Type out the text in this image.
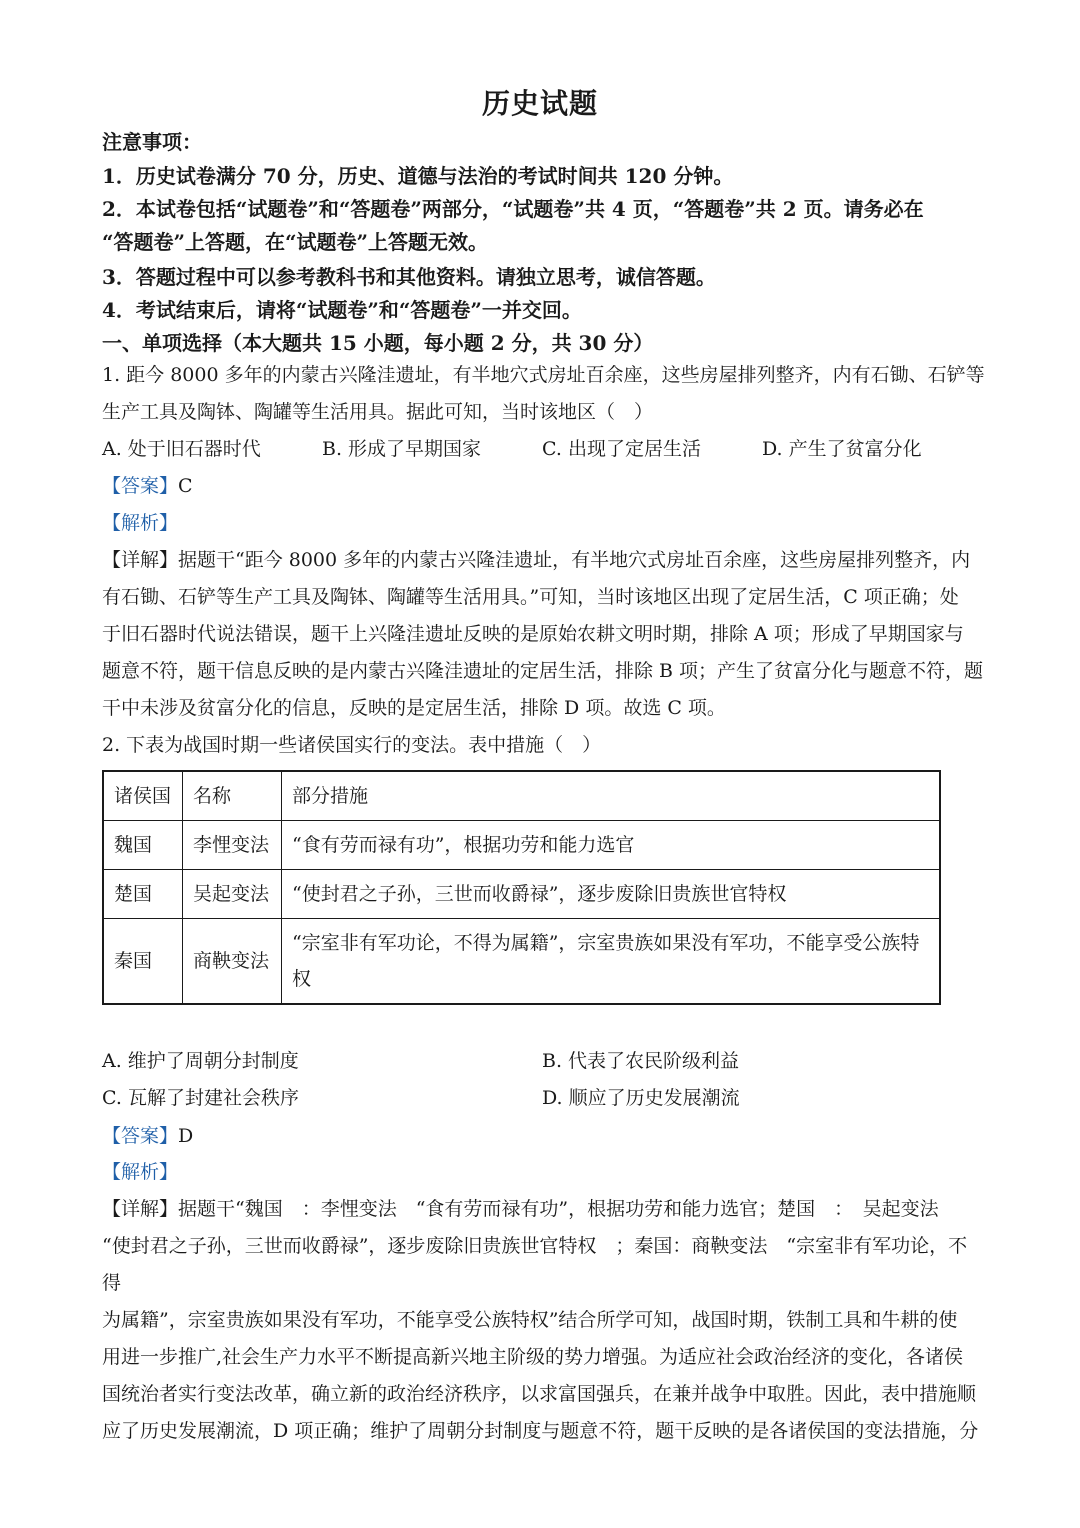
历史试题
注意事项：
1．历史试卷满分 70 分，历史、道德与法治的考试时间共 120 分钟。
2．本试卷包括“试题卷”和“答题卷”两部分，“试题卷”共 4 页，“答题卷”共 2 页。请务必在
“答题卷”上答题，在“试题卷”上答题无效。
3．答题过程中可以参考教科书和其他资料。请独立思考，诚信答题。
4．考试结束后，请将“试题卷”和“答题卷”一并交回。
一、单项选择（本大题共 15 小题，每小题 2 分，共 30 分）
1. 距今 8000 多年的内蒙古兴隆洼遗址，有半地穴式房址百余座，这些房屋排列整齐，内有石锄、石铲等
生产工具及陶钵、陶罐等生活用具。据此可知，当时该地区（　）
A. 处于旧石器时代	B. 形成了早期国家	C. 出现了定居生活	D. 产生了贫富分化
【答案】C
【解析】
【详解】据题干“距今 8000 多年的内蒙古兴隆洼遗址，有半地穴式房址百余座，这些房屋排列整齐，内
有石锄、石铲等生产工具及陶钵、陶罐等生活用具。”可知，当时该地区出现了定居生活，C 项正确；处
于旧石器时代说法错误，题干上兴隆洼遗址反映的是原始农耕文明时期，排除 A 项；形成了早期国家与
题意不符，题干信息反映的是内蒙古兴隆洼遗址的定居生活，排除 B 项；产生了贫富分化与题意不符，题
干中未涉及贫富分化的信息，反映的是定居生活，排除 D 项。故选 C 项。
2. 下表为战国时期一些诸侯国实行的变法。表中措施（　）
诸侯国	名称	部分措施
魏国	李悝变法	“食有劳而禄有功”，根据功劳和能力选官
楚国	吴起变法	“使封君之子孙，三世而收爵禄”，逐步废除旧贵族世官特权
秦国	商鞅变法	“宗室非有军功论，不得为属籍”，宗室贵族如果没有军功，不能享受公族特权
A. 维护了周朝分封制度	B. 代表了农民阶级利益
C. 瓦解了封建社会秩序	D. 顺应了历史发展潮流
【答案】D
【解析】
【详解】据题干“魏国　：李悝变法　“食有劳而禄有功”，根据功劳和能力选官；楚国　：　吴起变法
“使封君之子孙，三世而收爵禄”，逐步废除旧贵族世官特权　；秦国：商鞅变法　“宗室非有军功论，不
得
为属籍”，宗室贵族如果没有军功，不能享受公族特权”结合所学可知，战国时期，铁制工具和牛耕的使
用进一步推广,社会生产力水平不断提高新兴地主阶级的势力增强。为适应社会政治经济的变化，各诸侯
国统治者实行变法改革，确立新的政治经济秩序，以求富国强兵，在兼并战争中取胜。因此，表中措施顺
应了历史发展潮流，D 项正确；维护了周朝分封制度与题意不符，题干反映的是各诸侯国的变法措施，分
